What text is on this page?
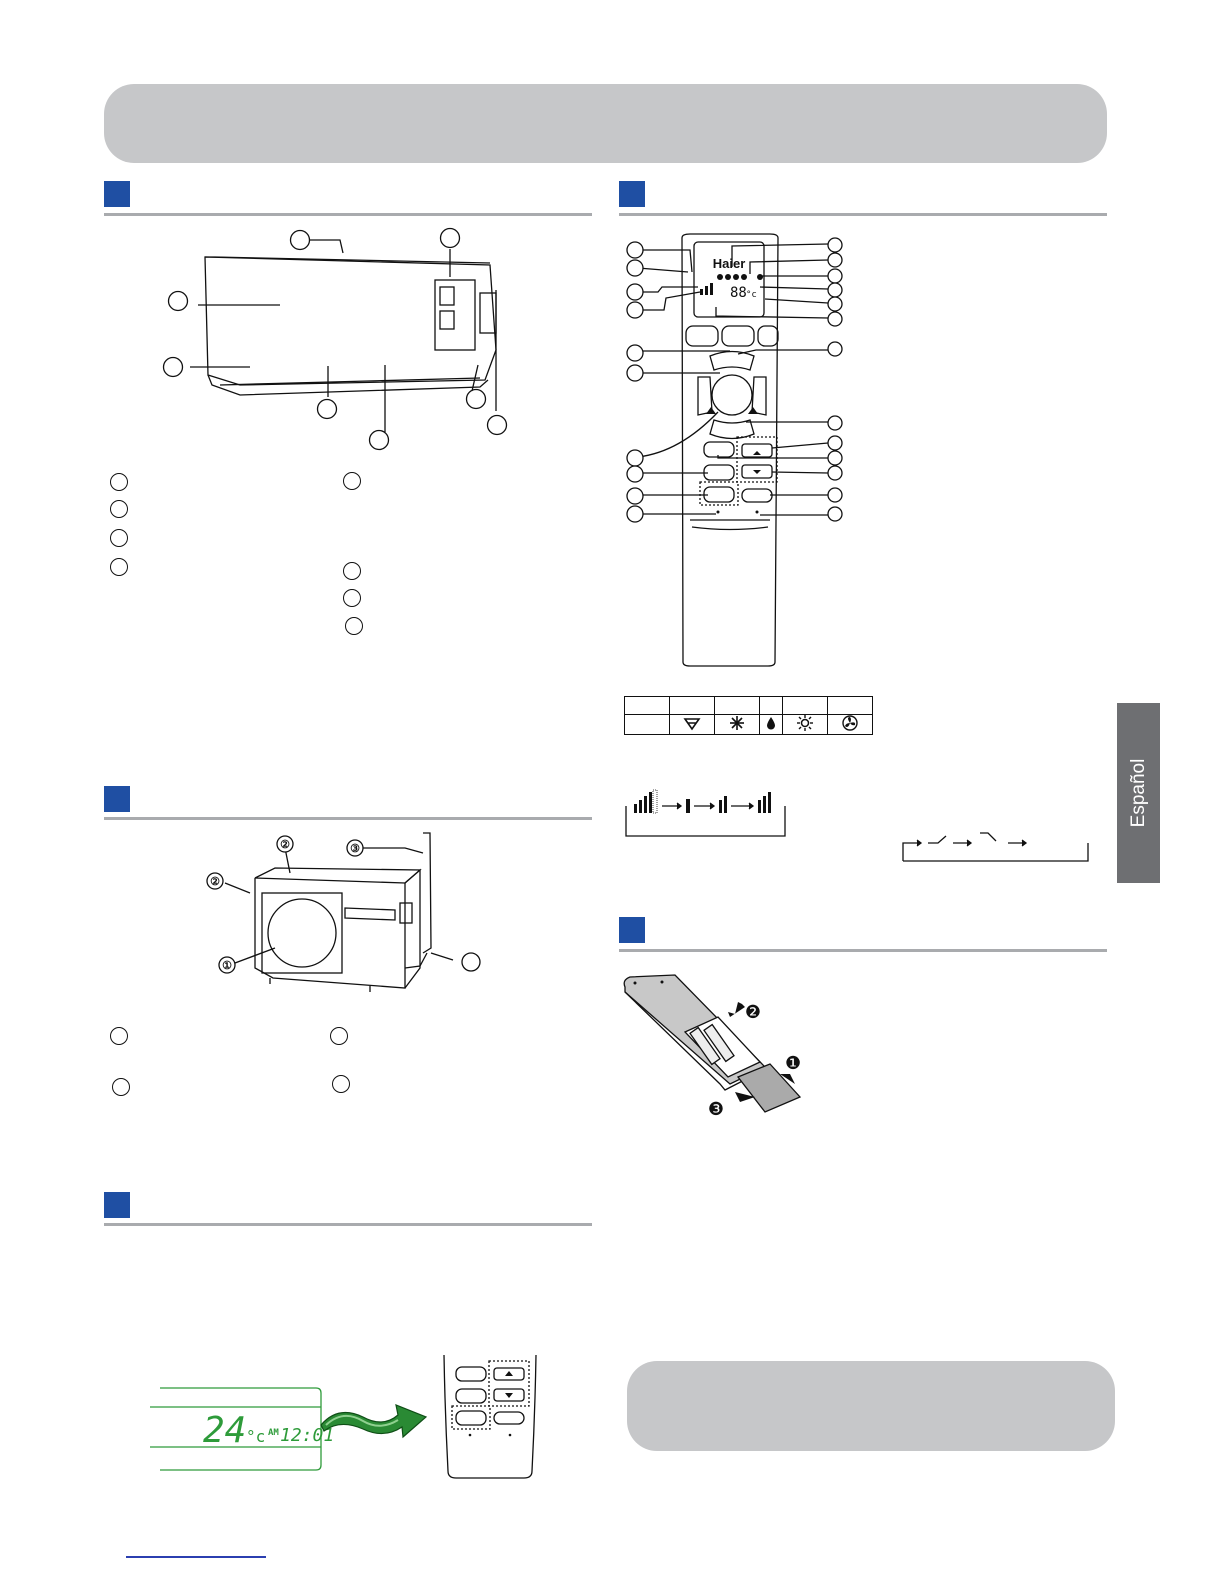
Español
Haier
88 °c

②
②
①
③
❷
❶
❸
24 °c AM 12:01
